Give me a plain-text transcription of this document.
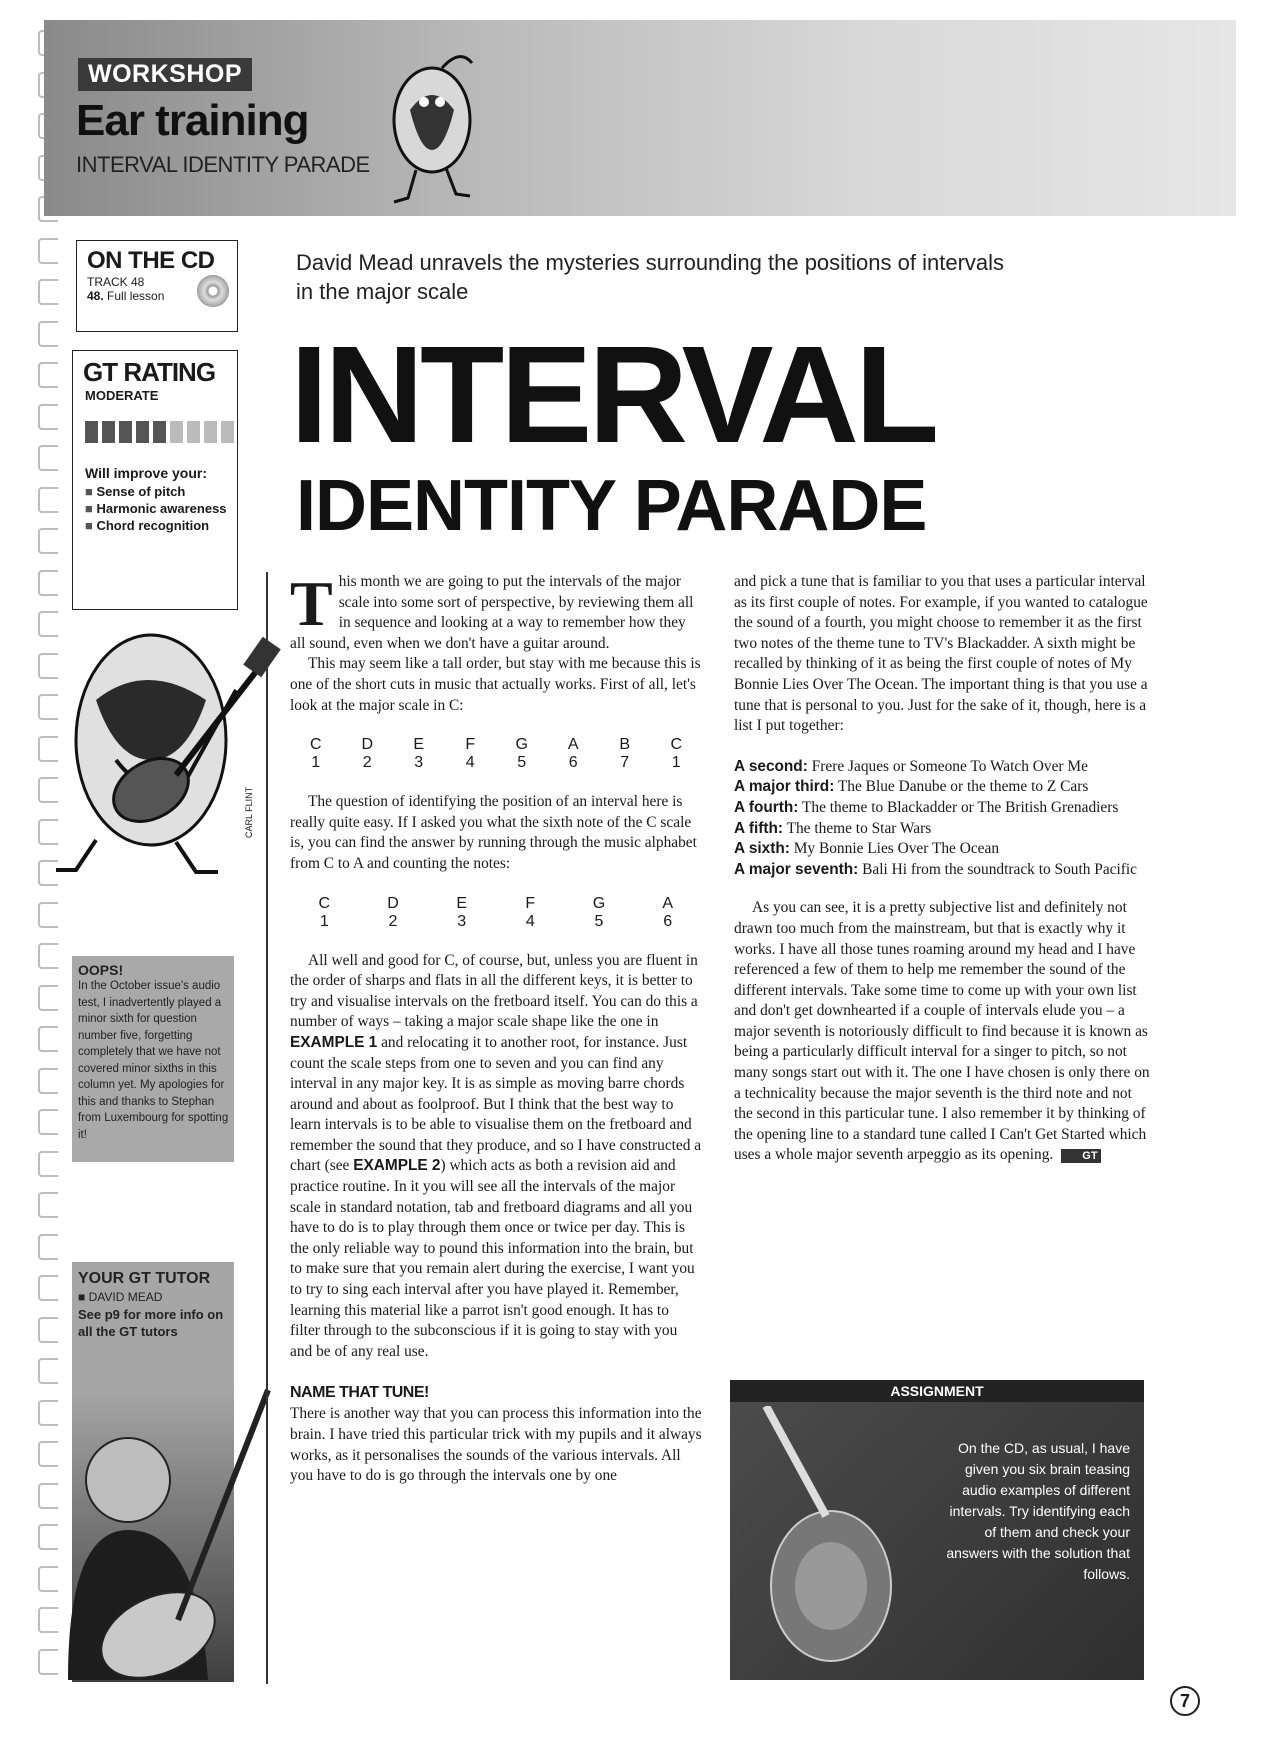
WORKSHOP
Ear training
INTERVAL IDENTITY PARADE
ON THE CD
TRACK 48
48. Full lesson
GT RATING
MODERATE
Will improve your:
■ Sense of pitch
■ Harmonic awareness
■ Chord recognition
CARL FLINT
OOPS!
In the October issue's audio test, I inadvertently played a minor sixth for question number five, forgetting completely that we have not covered minor sixths in this column yet. My apologies for this and thanks to Stephan from Luxembourg for spotting it!
YOUR GT TUTOR
■ DAVID MEAD
See p9 for more info on all the GT tutors
David Mead unravels the mysteries surrounding the positions of intervals in the major scale
INTERVAL
IDENTITY PARADE

This month we are going to put the intervals of the major scale into some sort of perspective, by reviewing them all in sequence and looking at a way to remember how they all sound, even when we don't have a guitar around.

This may seem like a tall order, but stay with me because this is one of the short cuts in music that actually works. First of all, let's look at the major scale in C:

C	D	E	F	G	A	B	C
1	2	3	4	5	6	7	1

The question of identifying the position of an interval here is really quite easy. If I asked you what the sixth note of the C scale is, you can find the answer by running through the music alphabet from C to A and counting the notes:

C	D	E	F	G	A
1	2	3	4	5	6

All well and good for C, of course, but, unless you are fluent in the order of sharps and flats in all the different keys, it is better to try and visualise intervals on the fretboard itself. You can do this a number of ways – taking a major scale shape like the one in EXAMPLE 1 and relocating it to another root, for instance. Just count the scale steps from one to seven and you can find any interval in any major key. It is as simple as moving barre chords around and about as foolproof. But I think that the best way to learn intervals is to be able to visualise them on the fretboard and remember the sound that they produce, and so I have constructed a chart (see EXAMPLE 2) which acts as both a revision aid and practice routine. In it you will see all the intervals of the major scale in standard notation, tab and fretboard diagrams and all you have to do is to play through them once or twice per day. This is the only reliable way to pound this information into the brain, but to make sure that you remain alert during the exercise, I want you to try to sing each interval after you have played it. Remember, learning this material like a parrot isn't good enough. It has to filter through to the subconscious if it is going to stay with you and be of any real use.

NAME THAT TUNE!

There is another way that you can process this information into the brain. I have tried this particular trick with my pupils and it always works, as it personalises the sounds of the various intervals. All you have to do is go through the intervals one by one

and pick a tune that is familiar to you that uses a particular interval as its first couple of notes. For example, if you wanted to catalogue the sound of a fourth, you might choose to remember it as the first two notes of the theme tune to TV's Blackadder. A sixth might be recalled by thinking of it as being the first couple of notes of My Bonnie Lies Over The Ocean. The important thing is that you use a tune that is personal to you. Just for the sake of it, though, here is a list I put together:

A second: Frere Jaques or Someone To Watch Over Me
A major third: The Blue Danube or the theme to Z Cars
A fourth: The theme to Blackadder or The British Grenadiers
A fifth: The theme to Star Wars
A sixth: My Bonnie Lies Over The Ocean
A major seventh: Bali Hi from the soundtrack to South Pacific

As you can see, it is a pretty subjective list and definitely not drawn too much from the mainstream, but that is exactly why it works. I have all those tunes roaming around my head and I have referenced a few of them to help me remember the sound of the different intervals. Take some time to come up with your own list and don't get downhearted if a couple of intervals elude you – a major seventh is notoriously difficult to find because it is known as being a particularly difficult interval for a singer to pitch, so not many songs start out with it. The one I have chosen is only there on a technicality because the major seventh is the third note and not the second in this particular tune. I also remember it by thinking of the opening line to a standard tune called I Can't Get Started which uses a whole major seventh arpeggio as its opening.	GT

ASSIGNMENT
On the CD, as usual, I have given you six brain teasing audio examples of different intervals. Try identifying each of them and check your answers with the solution that follows.
7
